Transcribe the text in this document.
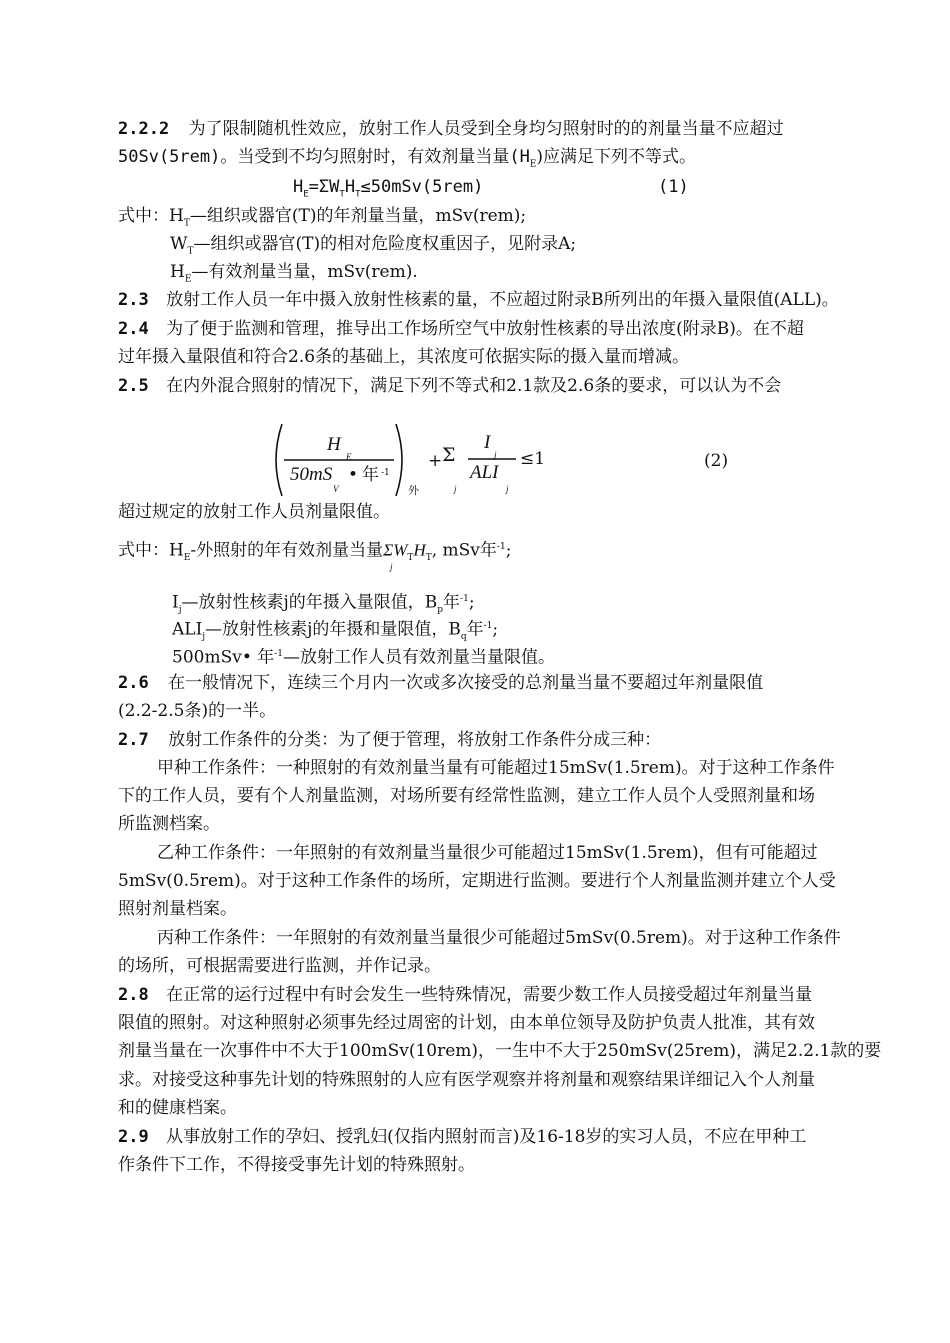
2.2.2 为了限制随机性效应，放射工作人员受到全身均匀照射时的的剂量当量不应超过
50Sv(5rem)。当受到不均匀照射时，有效剂量当量$(H_E)$应满足下列不等式。
$H_E=\Sigma W_TH_T\le 50mSv(5rem)$	(1)
式中：$H_T—$组织或器官(T)的年剂量当量，mSv(rem);
$W_T—$组织或器官(T)的相对危险度权重因子，见附录A;
$H_E—$有效剂量当量，mSv(rem).
2.3 放射工作人员一年中摄入放射性核素的量，不应超过附录B所列出的年摄入量限值(ALL)。
2.4 为了便于监测和管理，推导出工作场所空气中放射性核素的导出浓度(附录B)。在不超
过年摄入量限值和符合2.6条的基础上，其浓度可依据实际的摄入量而增减。
2.5 在内外混合照射的情况下，满足下列不等式和2.1款及2.6条的要求，可以认为不会
H
E
50mS
V
• 年 -1
外
+ Σ
j
I
j
ALI
j
≤1	(2)
超过规定的放射工作人员剂量限值。
式中：$H_E-$外照射的年有效剂量当量$\Sigma W_TH_T$, mSv年$^{-1}$;
j
$I_j—$放射性核素j的年摄入量限值，$B_p$年$^{-1}$;
$ALI_j—$放射性核素j的年摄和量限值，$B_q$年$^{-1}$;
500mSv• 年$^{-1}$—放射工作人员有效剂量当量限值。
2.6 在一般情况下，连续三个月内一次或多次接受的总剂量当量不要超过年剂量限值
(2.2-2.5条)的一半。
2.7 放射工作条件的分类：为了便于管理，将放射工作条件分成三种：
甲种工作条件：一种照射的有效剂量当量有可能超过15mSv(1.5rem)。对于这种工作条件
下的工作人员，要有个人剂量监测，对场所要有经常性监测，建立工作人员个人受照剂量和场
所监测档案。
乙种工作条件：一年照射的有效剂量当量很少可能超过15mSv(1.5rem)，但有可能超过
5mSv(0.5rem)。对于这种工作条件的场所，定期进行监测。要进行个人剂量监测并建立个人受
照射剂量档案。
丙种工作条件：一年照射的有效剂量当量很少可能超过5mSv(0.5rem)。对于这种工作条件
的场所，可根据需要进行监测，并作记录。
2.8 在正常的运行过程中有时会发生一些特殊情况，需要少数工作人员接受超过年剂量当量
限值的照射。对这种照射必须事先经过周密的计划，由本单位领导及防护负责人批准，其有效
剂量当量在一次事件中不大于100mSv(10rem)，一生中不大于250mSv(25rem)，满足2.2.1款的要
求。对接受这种事先计划的特殊照射的人应有医学观察并将剂量和观察结果详细记入个人剂量
和的健康档案。
2.9 从事放射工作的孕妇、授乳妇(仅指内照射而言)及16-18岁的实习人员，不应在甲种工
作条件下工作，不得接受事先计划的特殊照射。
